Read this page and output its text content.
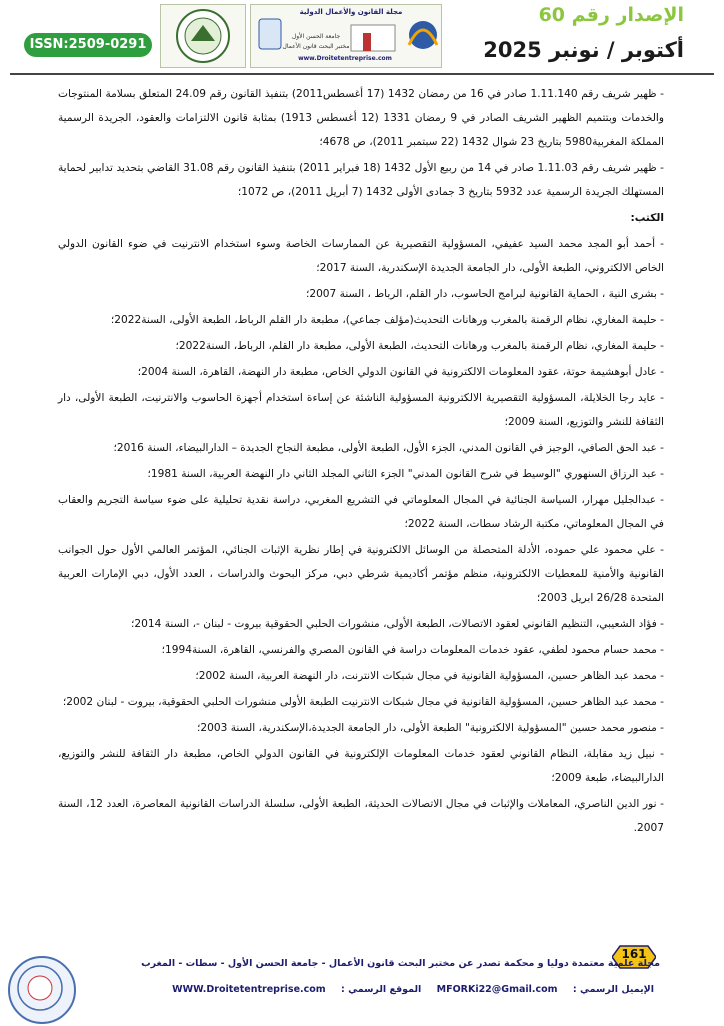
ISSN:2509-0291
مجلة القانون والأعمال الدولية
www.Droitetentreprise.com
جامعة الحسن الأول
مختبر البحث قانون الأعمال
الإصدار رقم 60
أكتوبر / نونبر 2025

- ظهير شريف رقم 1.11.140 صادر في 16 من رمضان 1432 (17 أغسطس2011) بتنفيذ القانون رقم 24.09 المتعلق بسلامة المنتوجات والخدمات وبتتميم الظهير الشريف الصادر في 9 رمضان 1331 (12 أغسطس 1913) بمثابة قانون الالتزامات والعقود، الجريدة الرسمية المملكة المغربية5980 بتاريخ 23 شوال 1432 (22 سبتمبر 2011)، ص 4678؛

- ظهير شريف رقم 1.11.03 صادر في 14 من ربيع الأول 1432 (18 فبراير 2011) بتنفيذ القانون رقم 31.08 القاضي بتحديد تدابير لحماية المستهلك الجريدة الرسمية عدد 5932 بتاريخ 3 جمادى الأولى 1432 (7 أبريل 2011)، ص 1072؛

الكتب:

- أحمد أبو المجد محمد السيد عفيفي، المسؤولية التقصيرية عن الممارسات الخاصة وسوء استخدام الانترنيت في ضوء القانون الدولي الخاص الالكتروني، الطبعة الأولى، دار الجامعة الجديدة الإسكندرية، السنة 2017؛

- بشرى النية ، الحماية القانونية لبرامج الحاسوب، دار القلم، الرباط ، السنة 2007؛

- حليمة المغاري، نظام الرقمنة بالمغرب ورهانات التحديث(مؤلف جماعي)، مطبعة دار القلم الرباط، الطبعة الأولى، السنة2022؛

- حليمة المغاري، نظام الرقمنة بالمغرب ورهانات التحديث، الطبعة الأولى، مطبعة دار القلم، الرباط، السنة2022؛

- عادل أبوهشيمة حوتة، عقود المعلومات الالكترونية في القانون الدولي الخاص، مطبعة دار النهضة، القاهرة، السنة 2004؛

- عايد رجا الخلايلة، المسؤولية التقصيرية الالكترونية المسؤولية الناشئة عن إساءة استخدام أجهزة الحاسوب والانترنيت، الطبعة الأولى، دار الثقافة للنشر والتوزيع، السنة 2009؛

- عبد الحق الصافي، الوجيز في القانون المدني، الجزء الأول، الطبعة الأولى، مطبعة النجاح الجديدة – الدارالبيضاء، السنة 2016؛

- عبد الرزاق السنهوري "الوسيط في شرح القانون المدني" الجزء الثاني المجلد الثاني دار النهضة العربية، السنة 1981؛

- عبدالجليل مهرار، السياسة الجنائية في المجال المعلوماتي في التشريع المغربي، دراسة نقدية تحليلية على ضوء سياسة التجريم والعقاب في المجال المعلوماتي، مكتبة الرشاد سطات، السنة 2022؛

- علي محمود علي حموده، الأدلة المتحصلة من الوسائل الالكترونية في إطار نظرية الإثبات الجنائي، المؤتمر العالمي الأول حول الجوانب القانونية والأمنية للمعطيات الالكترونية، منظم مؤتمر أكاديمية شرطي دبي، مركز البحوث والدراسات ، العدد الأول، دبي الإمارات العربية المتحدة 26/28 ابريل 2003؛

- فؤاد الشعيبي، التنظيم القانوني لعقود الاتصالات، الطبعة الأولى، منشورات الحلبي الحقوقية بيروت - لبنان -، السنة 2014؛

- محمد حسام محمود لطفي، عقود خدمات المعلومات دراسة في القانون المصري والفرنسي، القاهرة، السنة1994؛

- محمد عبد الظاهر حسين، المسؤولية القانونية في مجال شبكات الانترنت، دار النهضة العربية، السنة 2002؛

- محمد عبد الظاهر حسين، المسؤولية القانونية في مجال شبكات الانترنيت الطبعة الأولى منشورات الحلبي الحقوقية، بيروت - لبنان 2002؛

- منصور محمد حسين "المسؤولية الالكترونية" الطبعة الأولى، دار الجامعة الجديدة،الإسكندرية، السنة 2003؛

- نبيل زيد مقابلة، النظام القانوني لعقود خدمات المعلومات الإلكترونية في القانون الدولي الخاص، مطبعة دار الثقافة للنشر والتوزيع، الدارالبيضاء، طبعة 2009؛

- نور الدين الناصري، المعاملات والإثبات في مجال الاتصالات الحديثة، الطبعة الأولى، سلسلة الدراسات القانونية المعاصرة، العدد 12، السنة 2007.

161
مجلة علمية معتمدة دوليا و محكمة تصدر عن مختبر البحث قانون الأعمال - جامعة الحسن الأول - سطات - المغرب
الإيميل الرسمي : MFORKi22@Gmail.com الموقع الرسمي : WWW.Droitetentreprise.com
